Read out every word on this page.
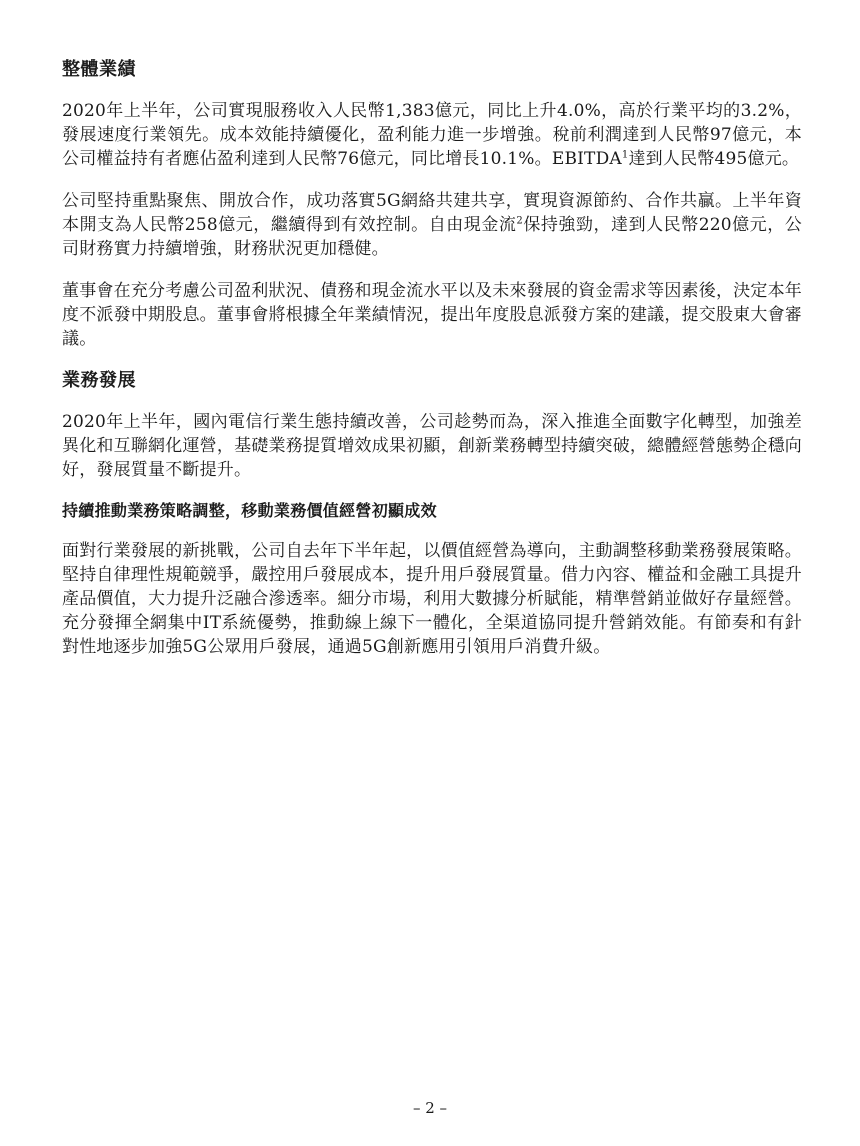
整體業績

2020年上半年，公司實現服務收入人民幣1,383億元，同比上升4.0%，高於行業平均的3.2%，發展速度行業領先。成本效能持續優化，盈利能力進一步增強。稅前利潤達到人民幣97億元，本公司權益持有者應佔盈利達到人民幣76億元，同比增長10.1%。EBITDA$^1$達到人民幣495億元。

公司堅持重點聚焦、開放合作，成功落實5G網絡共建共享，實現資源節約、合作共贏。上半年資本開支為人民幣258億元，繼續得到有效控制。自由現金流$^2$保持強勁，達到人民幣220億元，公司財務實力持續增強，財務狀況更加穩健。

董事會在充分考慮公司盈利狀況、債務和現金流水平以及未來發展的資金需求等因素後，決定本年度不派發中期股息。董事會將根據全年業績情況，提出年度股息派發方案的建議，提交股東大會審議。

業務發展

2020年上半年，國內電信行業生態持續改善，公司趁勢而為，深入推進全面數字化轉型，加強差異化和互聯網化運營，基礎業務提質增效成果初顯，創新業務轉型持續突破，總體經營態勢企穩向好，發展質量不斷提升。

持續推動業務策略調整，移動業務價值經營初顯成效

面對行業發展的新挑戰，公司自去年下半年起，以價值經營為導向，主動調整移動業務發展策略。堅持自律理性規範競爭，嚴控用戶發展成本，提升用戶發展質量。借力內容、權益和金融工具提升產品價值，大力提升泛融合滲透率。細分市場，利用大數據分析賦能，精準營銷並做好存量經營。充分發揮全網集中IT系統優勢，推動線上線下一體化，全渠道協同提升營銷效能。有節奏和有針對性地逐步加強5G公眾用戶發展，通過5G創新應用引領用戶消費升級。

– 2 –
